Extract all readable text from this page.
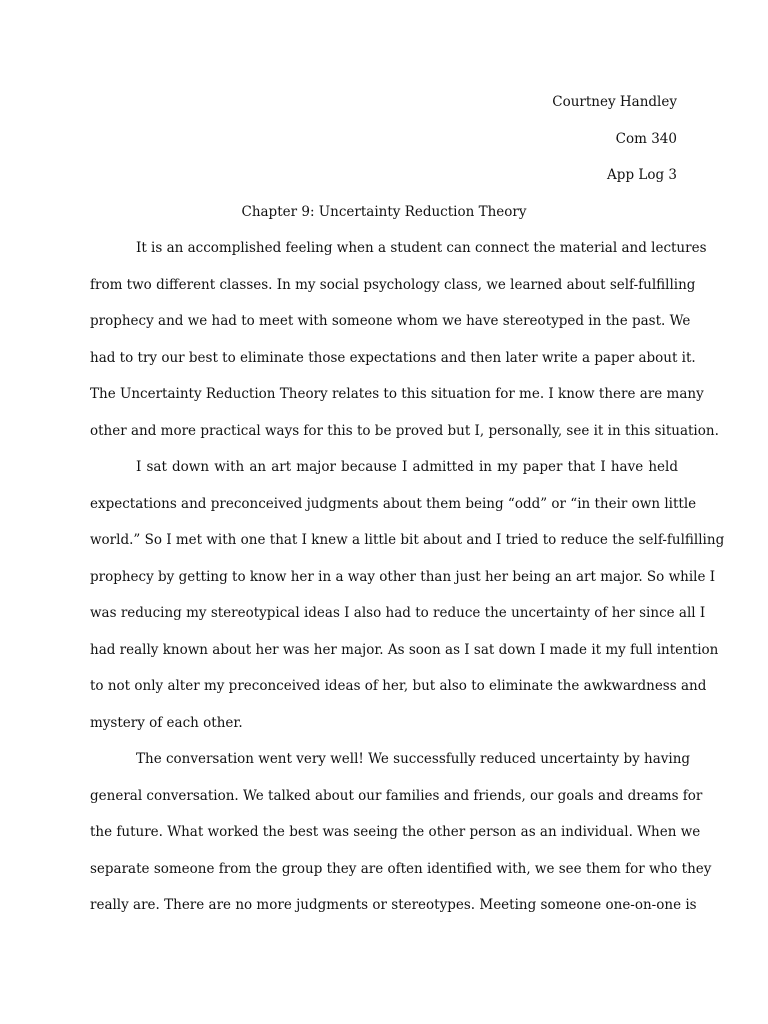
Courtney Handley
Com 340
App Log 3
Chapter 9: Uncertainty Reduction Theory
It is an accomplished feeling when a student can connect the material and lectures
from two different classes. In my social psychology class, we learned about self-fulfilling
prophecy and we had to meet with someone whom we have stereotyped in the past. We
had to try our best to eliminate those expectations and then later write a paper about it.
The Uncertainty Reduction Theory relates to this situation for me. I know there are many
other and more practical ways for this to be proved but I, personally, see it in this situation.
I sat down with an art major because I admitted in my paper that I have held
expectations and preconceived judgments about them being “odd” or “in their own little
world.” So I met with one that I knew a little bit about and I tried to reduce the self-fulfilling
prophecy by getting to know her in a way other than just her being an art major. So while I
was reducing my stereotypical ideas I also had to reduce the uncertainty of her since all I
had really known about her was her major. As soon as I sat down I made it my full intention
to not only alter my preconceived ideas of her, but also to eliminate the awkwardness and
mystery of each other.
The conversation went very well! We successfully reduced uncertainty by having
general conversation. We talked about our families and friends, our goals and dreams for
the future. What worked the best was seeing the other person as an individual. When we
separate someone from the group they are often identified with, we see them for who they
really are. There are no more judgments or stereotypes. Meeting someone one-on-one is
